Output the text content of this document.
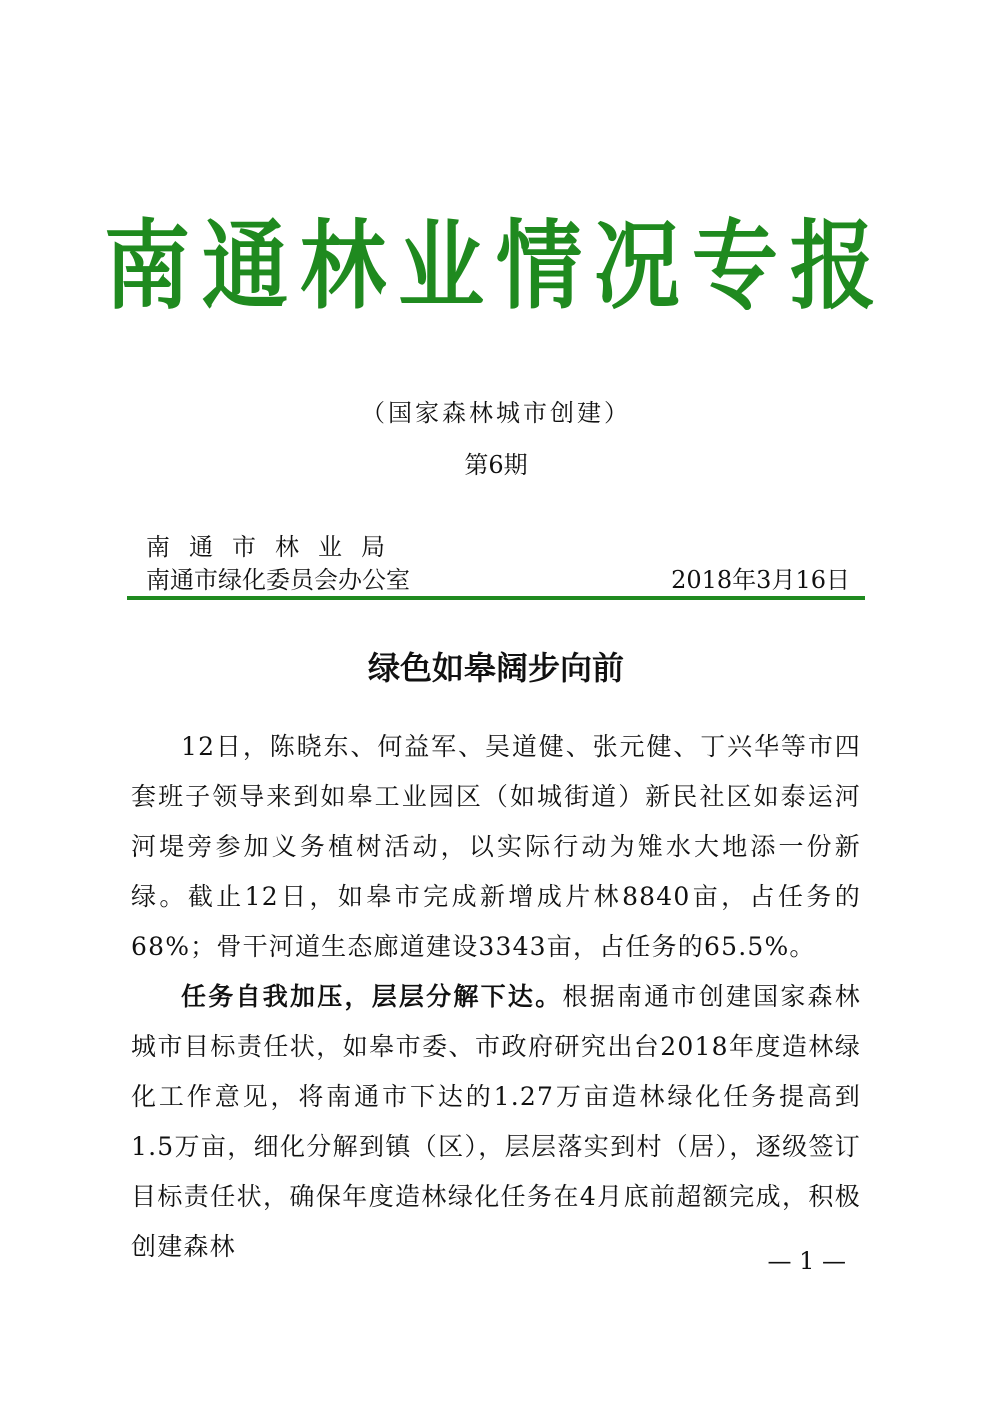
南通林业情况专报
（国家森林城市创建）
第6期
南通市林业局
南通市绿化委员会办公室	2018年3月16日
绿色如皋阔步向前

12日，陈晓东、何益军、吴道健、张元健、丁兴华等市四套班子领导来到如皋工业园区（如城街道）新民社区如泰运河河堤旁参加义务植树活动，以实际行动为雉水大地添一份新绿。截止12日，如皋市完成新增成片林8840亩，占任务的68%；骨干河道生态廊道建设3343亩，占任务的65.5%。

任务自我加压，层层分解下达。根据南通市创建国家森林城市目标责任状，如皋市委、市政府研究出台2018年度造林绿化工作意见，将南通市下达的1.27万亩造林绿化任务提高到1.5万亩，细化分解到镇（区），层层落实到村（居），逐级签订目标责任状，确保年度造林绿化任务在4月底前超额完成，积极创建森林	— 1 —
